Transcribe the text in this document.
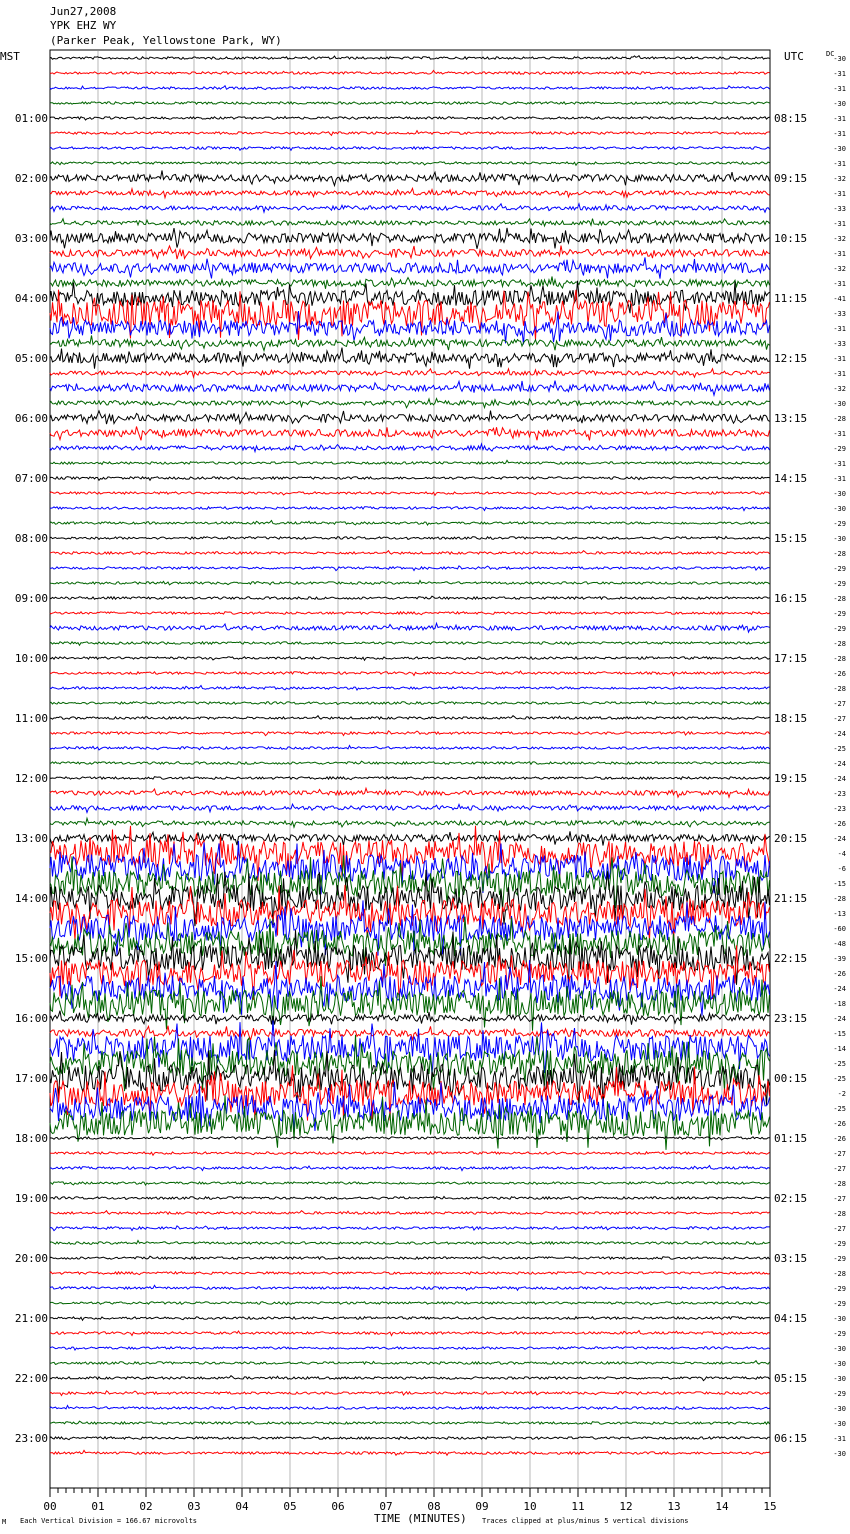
Jun27,2008
YPK EHZ WY
(Parker Peak, Yellowstone Park, WY)
MST	UTC	DC
-30
-31
-31
-30
-31
-31
-30
-31
-32
-31
-33
-31
-32
-31
-32
-31
-41
-33
-31
-33
-31
-31
-32
-30
-28
-31
-29
-31
-31
-30
-30
-29
-30
-28
-29
-29
-28
-29
-29
-28
-28
-26
-28
-27
-27
-24
-25
-24
-24
-23
-23
-26
-24
-4
-6
-15
-28
-13
-60
-48
-39
-26
-24
-18
-24
-15
-14
-25
-25
-2
-25
-26
-26
-27
-27
-28
-27
-28
-27
-29
-29
-28
-29
-29
-30
-29
-30
-30
-30
-29
-30
-30
-31
-30
01:00
02:00
03:00
04:00
05:00
06:00
07:00
08:00
09:00
10:00
11:00
12:00
13:00
14:00
15:00
16:00
17:00
18:00
19:00
20:00
21:00
22:00
23:00
08:15
09:15
10:15
11:15
12:15
13:15
14:15
15:15
16:15
17:15
18:15
19:15
20:15
21:15
22:15
23:15
00:15
01:15
02:15
03:15
04:15
05:15
06:15
00	01	02	03	04	05	06	07	08	09	10	11	12	13	14	15
M Each Vertical Division = 166.67 microvolts	TIME (MINUTES) Traces clipped at plus/minus 5 vertical divisions
